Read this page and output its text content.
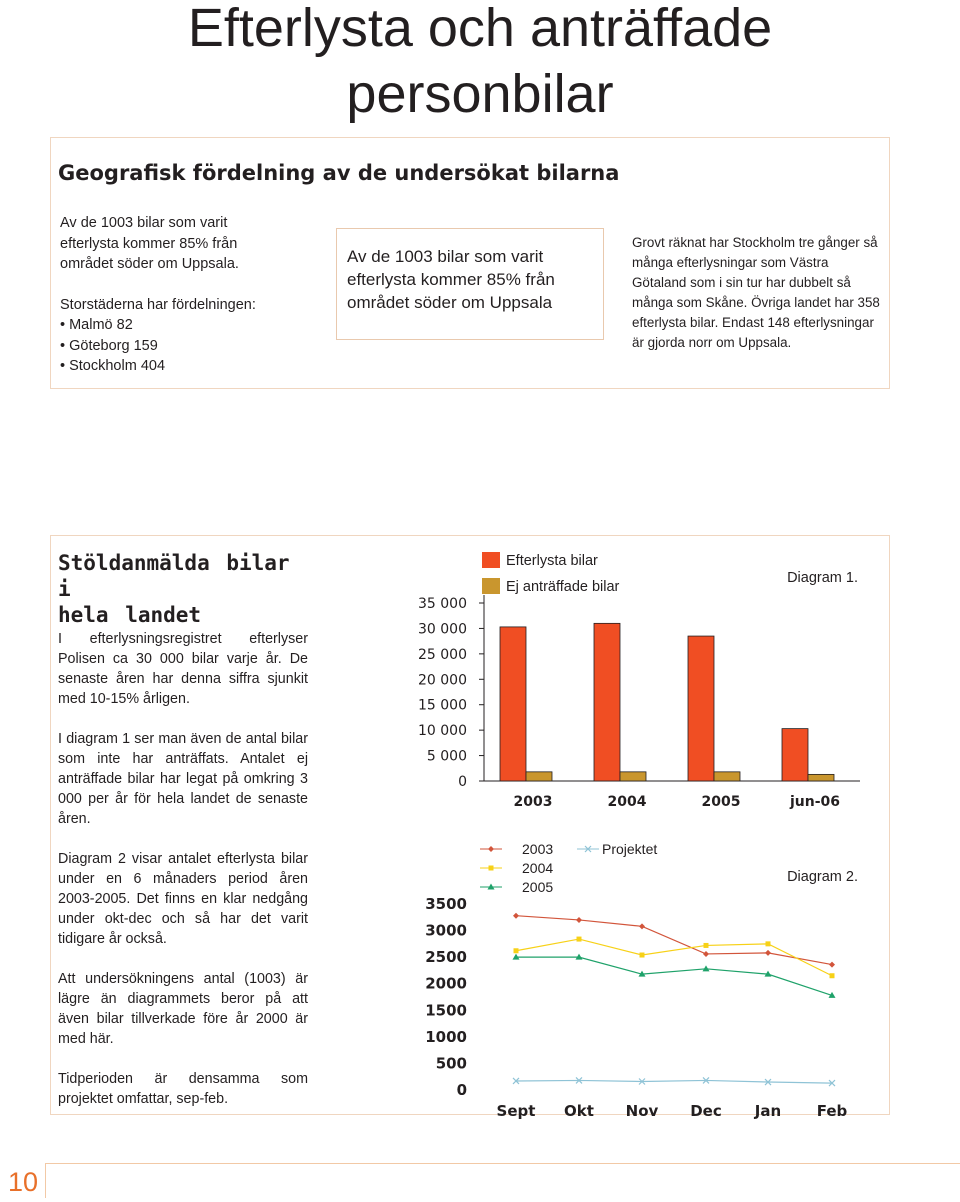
Efterlysta och anträffade
personbilar
Geografisk fördelning av de undersökat bilarna

Av de 1003 bilar som varit efterlysta kommer 85% från området söder om Uppsala.

Storstäderna har fördelningen:

• Malmö 82

• Göteborg 159

• Stockholm 404

Av de 1003 bilar som varit efterlysta kommer 85% från området söder om Uppsala
Grovt räknat har Stockholm tre gånger så många efterlysningar som Västra Götaland som i sin tur har dubbelt så många som Skåne. Övriga landet har 358 efterlysta bilar. Endast 148 efterlysningar är gjorda norr om Uppsala.
Stöldanmälda bilar i
hela landet

I efterlysningsregistret efterlyser Polisen ca 30 000 bilar varje år. De senaste åren har denna siffra sjunkit med 10-15% årligen.

I diagram 1 ser man även de antal bilar som inte har anträffats. Antalet ej anträffade bilar har legat på omkring 3 000 per år för hela landet de senaste åren.

Diagram 2 visar antalet efterlysta bilar under en 6 månaders period åren 2003-2005. Det finns en klar nedgång under okt-dec och så har det varit tidigare år också.

Att undersökningens antal (1003) är lägre än diagrammets beror på att även bilar tillverkade före år 2000 är med här.

Tidperioden är densamma som projektet omfattar, sep-feb.

0
5 000
10 000
15 000
20 000
25 000
30 000
35 000
2003	2004	2005	jun-06
Efterlysta bilar
Ej anträffade bilar
Diagram 1.
0
500
1000
1500
2000
2500
3000
3500
Sept Okt Nov Dec Jan Feb
2003
2004
2005
Projektet
Diagram 2.
10
